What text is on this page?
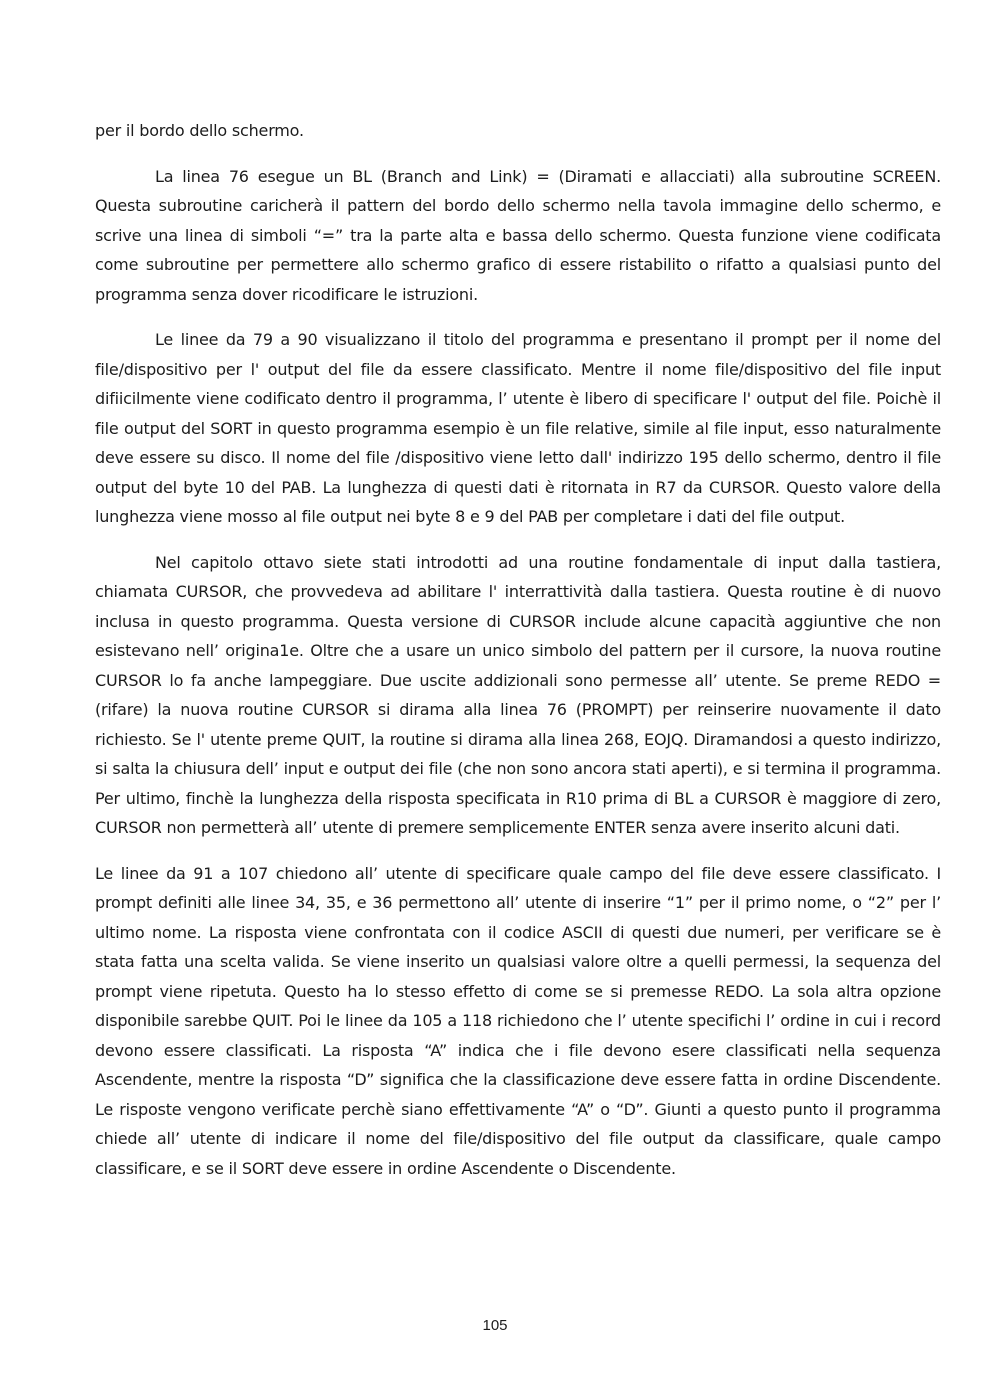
per il bordo dello schermo.

La linea 76 esegue un BL (Branch and Link) = (Diramati e allacciati) alla subroutine SCREEN. Questa subroutine caricherà il pattern del bordo dello schermo nella tavola immagine dello schermo, e scrive una linea di simboli “=” tra la parte alta e bassa dello schermo. Questa funzione viene codificata come subroutine per permettere allo schermo grafico di essere ristabilito o rifatto a qualsiasi punto del programma senza dover ricodificare le istruzioni.

Le linee da 79 a 90 visualizzano il titolo del programma e presentano il prompt per il nome del file/dispositivo per l' output del file da essere classificato. Mentre il nome file/dispositivo del file input difiicilmente viene codificato dentro il programma, l’ utente è libero di specificare l' output del file. Poichè il file output del SORT in questo programma esempio è un file relative, simile al file input, esso naturalmente deve essere su disco. Il nome del file /dispositivo viene letto dall' indirizzo 195 dello schermo, dentro il file output del byte 10 del PAB. La lunghezza di questi dati è ritornata in R7 da CURSOR. Questo valore della lunghezza viene mosso al file output nei byte 8 e 9 del PAB per completare i dati del file output.

Nel capitolo ottavo siete stati introdotti ad una routine fondamentale di input dalla tastiera, chiamata CURSOR, che provvedeva ad abilitare l' interrattività dalla tastiera. Questa routine è di nuovo inclusa in questo programma. Questa versione di CURSOR include alcune capacità aggiuntive che non esistevano nell’ origina1e. Oltre che a usare un unico simbolo del pattern per il cursore, la nuova routine CURSOR lo fa anche lampeggiare. Due uscite addizionali sono permesse all’ utente. Se preme REDO = (rifare) la nuova routine CURSOR si dirama alla linea 76 (PROMPT) per reinserire nuovamente il dato richiesto. Se l' utente preme QUIT, la routine si dirama alla linea 268, EOJQ. Diramandosi a questo indirizzo, si salta la chiusura dell’ input e output dei file (che non sono ancora stati aperti), e si termina il programma. Per ultimo, finchè la lunghezza della risposta specificata in R10 prima di BL a CURSOR è maggiore di zero, CURSOR non permetterà all’ utente di premere semplicemente ENTER senza avere inserito alcuni dati.

Le linee da 91 a 107 chiedono all’ utente di specificare quale campo del file deve essere classificato. I prompt definiti alle linee 34, 35, e 36 permettono all’ utente di inserire “1” per il primo nome, o “2” per l’ ultimo nome. La risposta viene confrontata con il codice ASCII di questi due numeri, per verificare se è stata fatta una scelta valida. Se viene inserito un qualsiasi valore oltre a quelli permessi, la sequenza del prompt viene ripetuta. Questo ha lo stesso effetto di come se si premesse REDO. La sola altra opzione disponibile sarebbe QUIT. Poi le linee da 105 a 118 richiedono che l’ utente specifichi l’ ordine in cui i record devono essere classificati. La risposta “A” indica che i file devono esere classificati nella sequenza Ascendente, mentre la risposta “D” significa che la classificazione deve essere fatta in ordine Discendente. Le risposte vengono verificate perchè siano effettivamente “A” o “D”. Giunti a questo punto il programma chiede all’ utente di indicare il nome del file/dispositivo del file output da classificare, quale campo classificare, e se il SORT deve essere in ordine Ascendente o Discendente.

105
